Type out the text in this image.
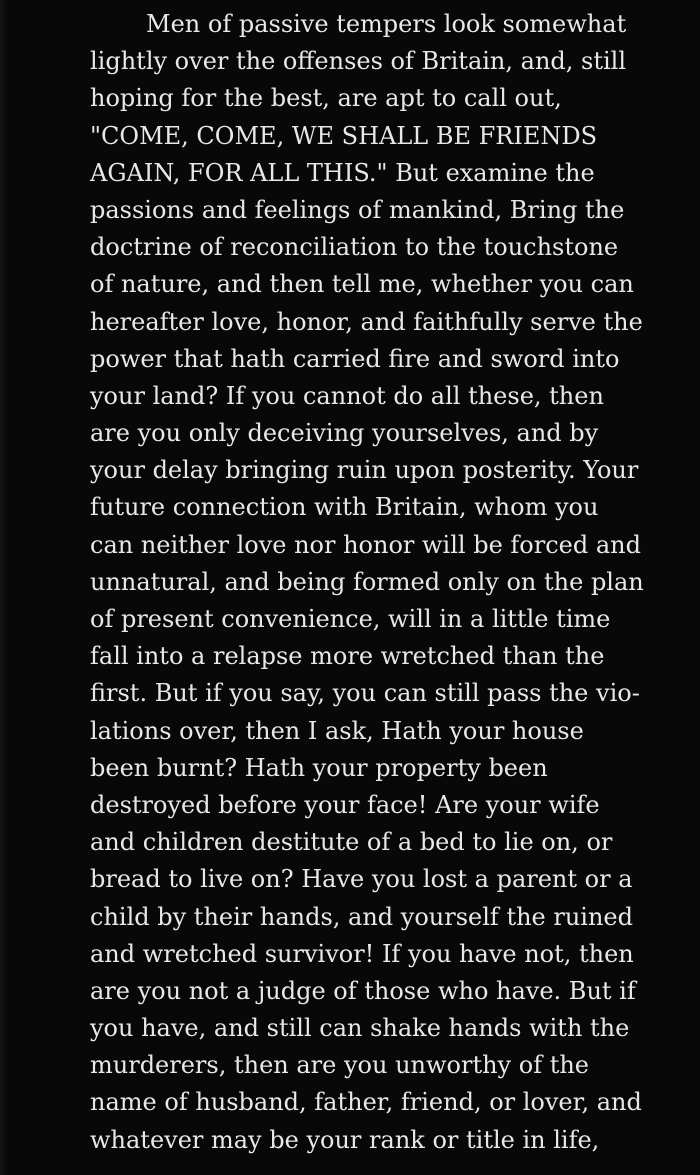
Men of passive tempers look somewhat
lightly over the offenses of Britain, and, still
hoping for the best, are apt to call out,
"COME, COME, WE SHALL BE FRIENDS
AGAIN, FOR ALL THIS." But examine the
passions and feelings of mankind, Bring the
doctrine of reconciliation to the touchstone
of nature, and then tell me, whether you can
hereafter love, honor, and faithfully serve the
power that hath carried fire and sword into
your land? If you cannot do all these, then
are you only deceiving yourselves, and by
your delay bringing ruin upon posterity. Your
future connection with Britain, whom you
can neither love nor honor will be forced and
unnatural, and being formed only on the plan
of present convenience, will in a little time
fall into a relapse more wretched than the
first. But if you say, you can still pass the vio-
lations over, then I ask, Hath your house
been burnt? Hath your property been
destroyed before your face! Are your wife
and children destitute of a bed to lie on, or
bread to live on? Have you lost a parent or a
child by their hands, and yourself the ruined
and wretched survivor! If you have not, then
are you not a judge of those who have. But if
you have, and still can shake hands with the
murderers, then are you unworthy of the
name of husband, father, friend, or lover, and
whatever may be your rank or title in life,
